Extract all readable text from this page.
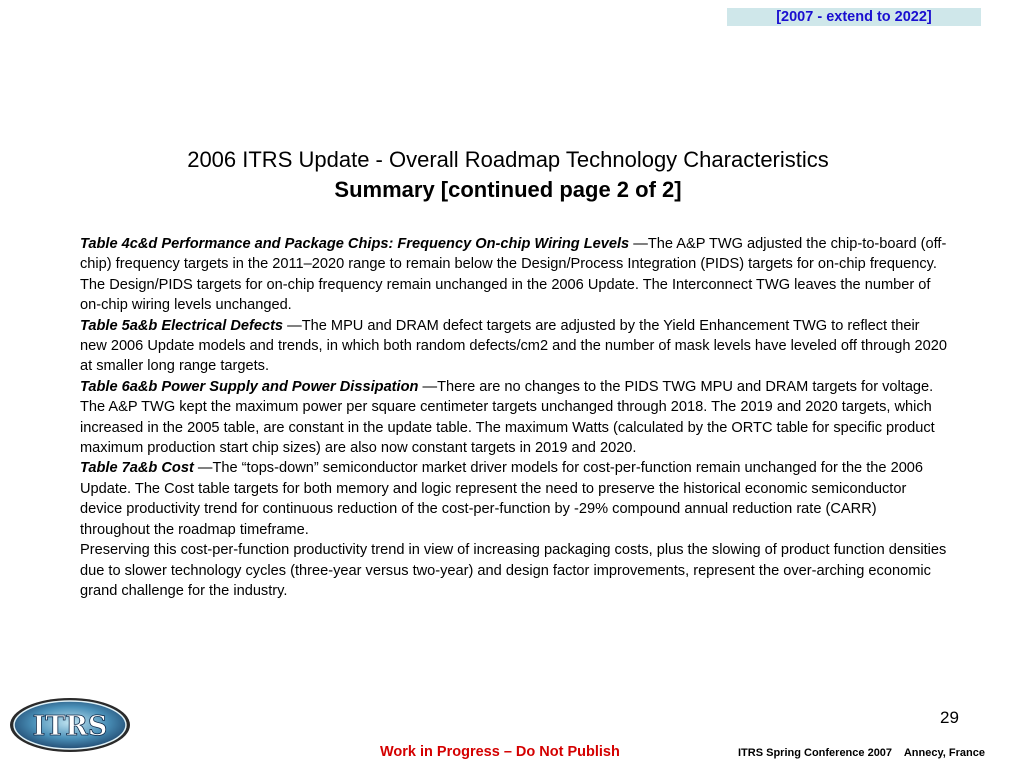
[2007 - extend to 2022]
2006 ITRS Update - Overall Roadmap Technology Characteristics
Summary [continued page 2 of 2]

Table 4c&d Performance and Package Chips: Frequency On-chip Wiring Levels —The A&P TWG adjusted the chip-to-board (off-chip) frequency targets in the 2011–2020 range to remain below the Design/Process Integration (PIDS) targets for on-chip frequency. The Design/PIDS targets for on-chip frequency remain unchanged in the 2006 Update. The Interconnect TWG leaves the number of on-chip wiring levels unchanged.

Table 5a&b Electrical Defects —The MPU and DRAM defect targets are adjusted by the Yield Enhancement TWG to reflect their new 2006 Update models and trends, in which both random defects/cm2 and the number of mask levels have leveled off through 2020 at smaller long range targets.

Table 6a&b Power Supply and Power Dissipation —There are no changes to the PIDS TWG MPU and DRAM targets for voltage. The A&P TWG kept the maximum power per square centimeter targets unchanged through 2018. The 2019 and 2020 targets, which increased in the 2005 table, are constant in the update table. The maximum Watts (calculated by the ORTC table for specific product maximum production start chip sizes) are also now constant targets in 2019 and 2020.

Table 7a&b Cost —The “tops-down” semiconductor market driver models for cost-per-function remain unchanged for the the 2006 Update. The Cost table targets for both memory and logic represent the need to preserve the historical economic semiconductor device productivity trend for continuous reduction of the cost-per-function by -29% compound annual reduction rate (CARR) throughout the roadmap timeframe.

Preserving this cost-per-function productivity trend in view of increasing packaging costs, plus the slowing of product function densities due to slower technology cycles (three-year versus two-year) and design factor improvements, represent the over-arching economic grand challenge for the industry.

29
ITRS
Work in Progress – Do Not Publish	ITRS Spring Conference 2007    Annecy, France
